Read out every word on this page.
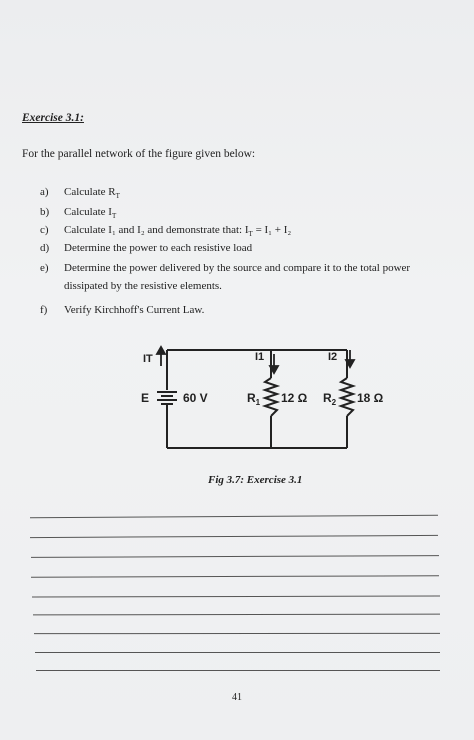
Exercise 3.1:
For the parallel network of the figure given below:
a)	Calculate $R_T$
b)	Calculate $I_T$
c)	Calculate I₁ and I₂ and demonstrate that: $I_T = I_1 + I_2$
d)	Determine the power to each resistive load
e)	Determine the power delivered by the source and compare it to the total power
dissipated by the resistive elements.
f)	Verify Kirchhoff's Current Law.
IT	I1	I2
E	60 V	$R_1$ 12 Ω $R_2$ 18 Ω
Fig 3.7: Exercise 3.1
41
